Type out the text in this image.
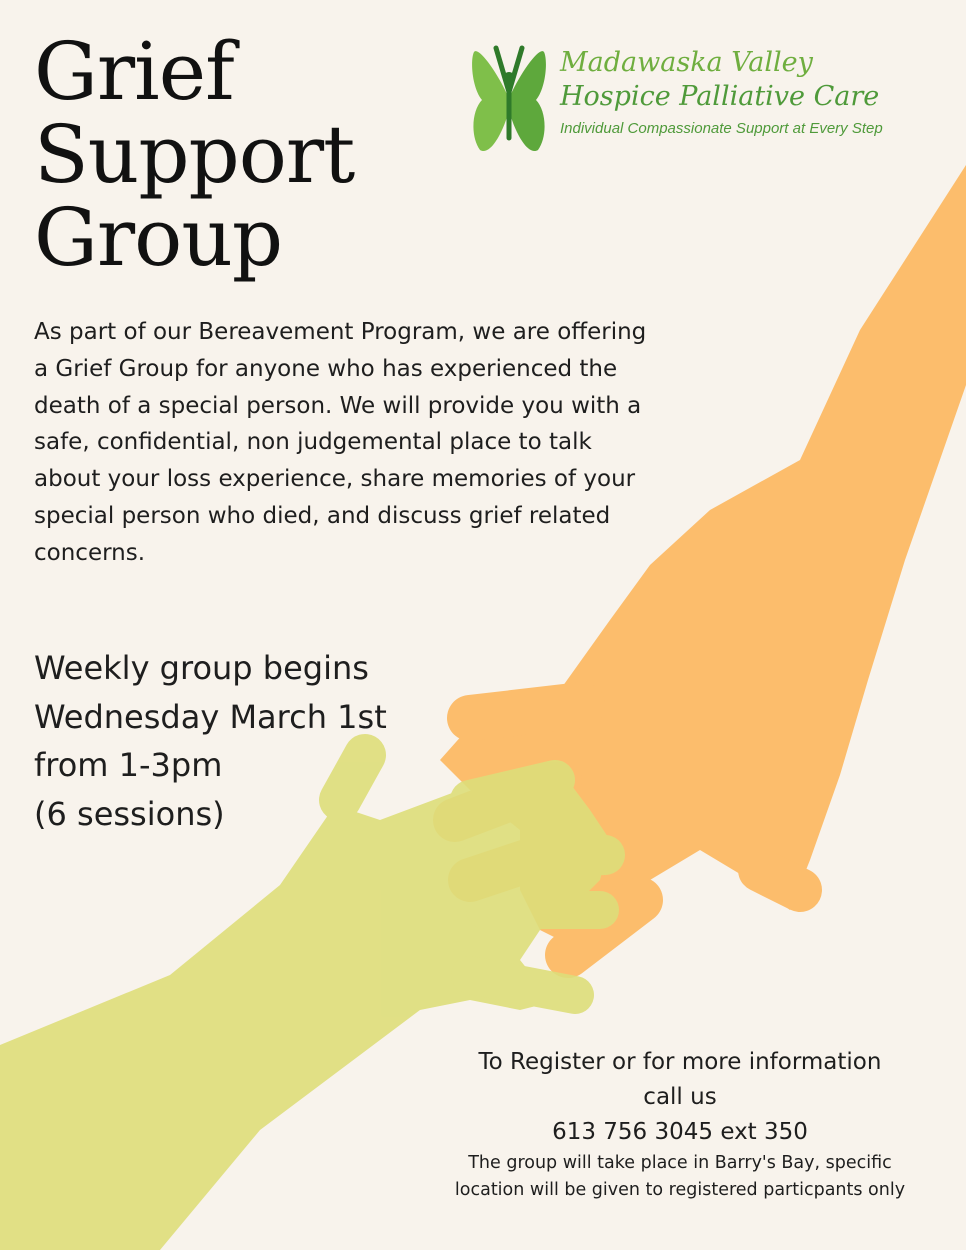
Grief
Support
Group
Madawaska Valley
Hospice Palliative Care
Individual Compassionate Support at Every Step

As part of our Bereavement Program, we are offering a Grief Group for anyone who has experienced the death of a special person. We will provide you with a safe, confidential, non judgemental place to talk about your loss experience, share memories of your special person who died, and discuss grief related concerns.

Weekly group begins
Wednesday March 1st
from 1-3pm
(6 sessions)
To Register or for more information
call us
613 756 3045 ext 350
The group will take place in Barry's Bay, specific
location will be given to registered particpants only
